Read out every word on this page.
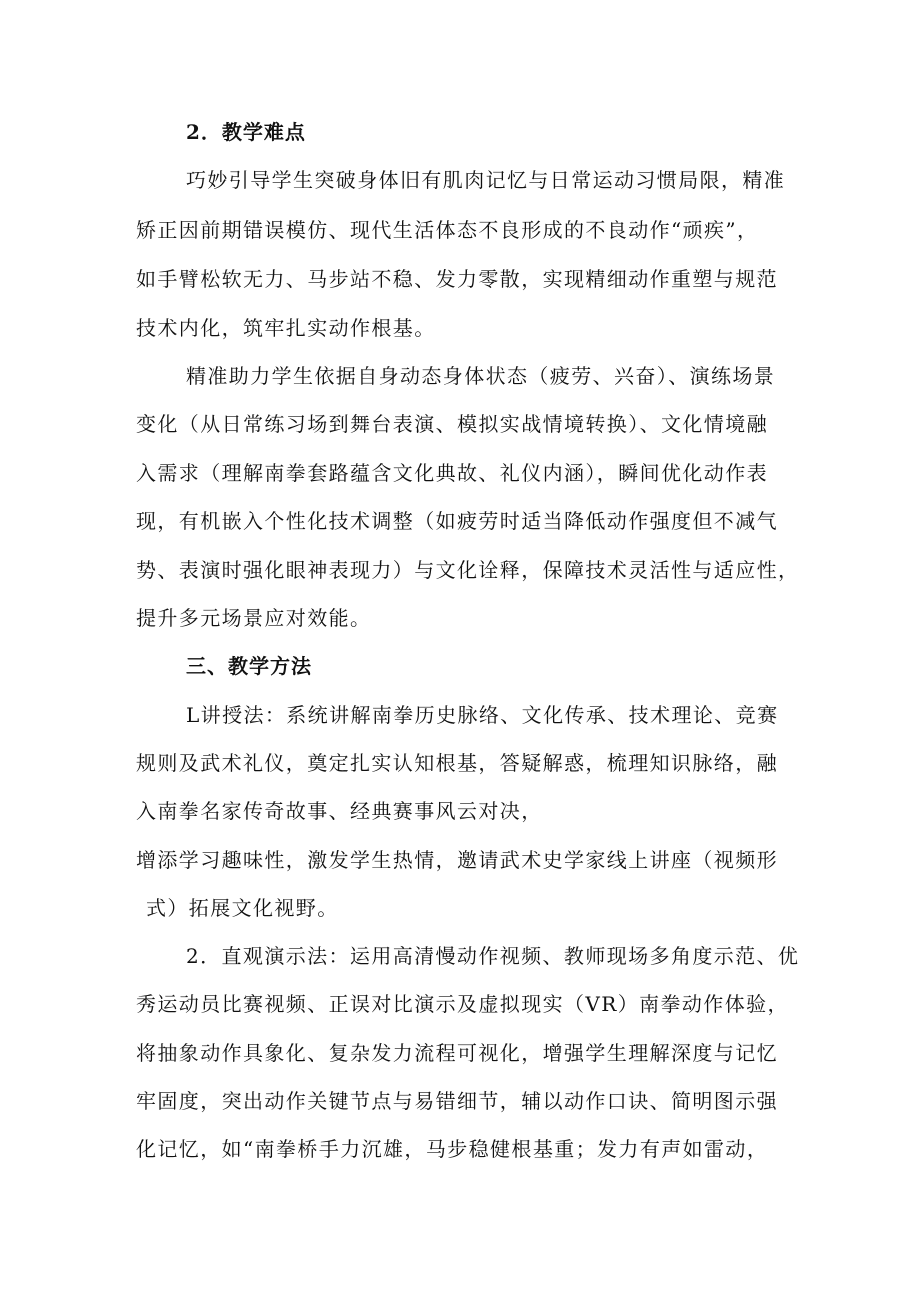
2．教学难点
巧妙引导学生突破身体旧有肌肉记忆与日常运动习惯局限，精准
矫正因前期错误模仿、现代生活体态不良形成的不良动作“顽疾”，
如手臂松软无力、马步站不稳、发力零散，实现精细动作重塑与规范
技术内化，筑牢扎实动作根基。
精准助力学生依据自身动态身体状态（疲劳、兴奋）、演练场景
变化（从日常练习场到舞台表演、模拟实战情境转换）、文化情境融
入需求（理解南拳套路蕴含文化典故、礼仪内涵），瞬间优化动作表
现，有机嵌入个性化技术调整（如疲劳时适当降低动作强度但不减气
势、表演时强化眼神表现力）与文化诠释，保障技术灵活性与适应性，
提升多元场景应对效能。
三、教学方法
L讲授法：系统讲解南拳历史脉络、文化传承、技术理论、竞赛
规则及武术礼仪，奠定扎实认知根基，答疑解惑，梳理知识脉络，融
入南拳名家传奇故事、经典赛事风云对决，
增添学习趣味性，激发学生热情，邀请武术史学家线上讲座（视频形
式）拓展文化视野。
2．直观演示法：运用高清慢动作视频、教师现场多角度示范、优
秀运动员比赛视频、正误对比演示及虚拟现实（VR）南拳动作体验，
将抽象动作具象化、复杂发力流程可视化，增强学生理解深度与记忆
牢固度，突出动作关键节点与易错细节，辅以动作口诀、简明图示强
化记忆，如“南拳桥手力沉雄，马步稳健根基重；发力有声如雷动，
